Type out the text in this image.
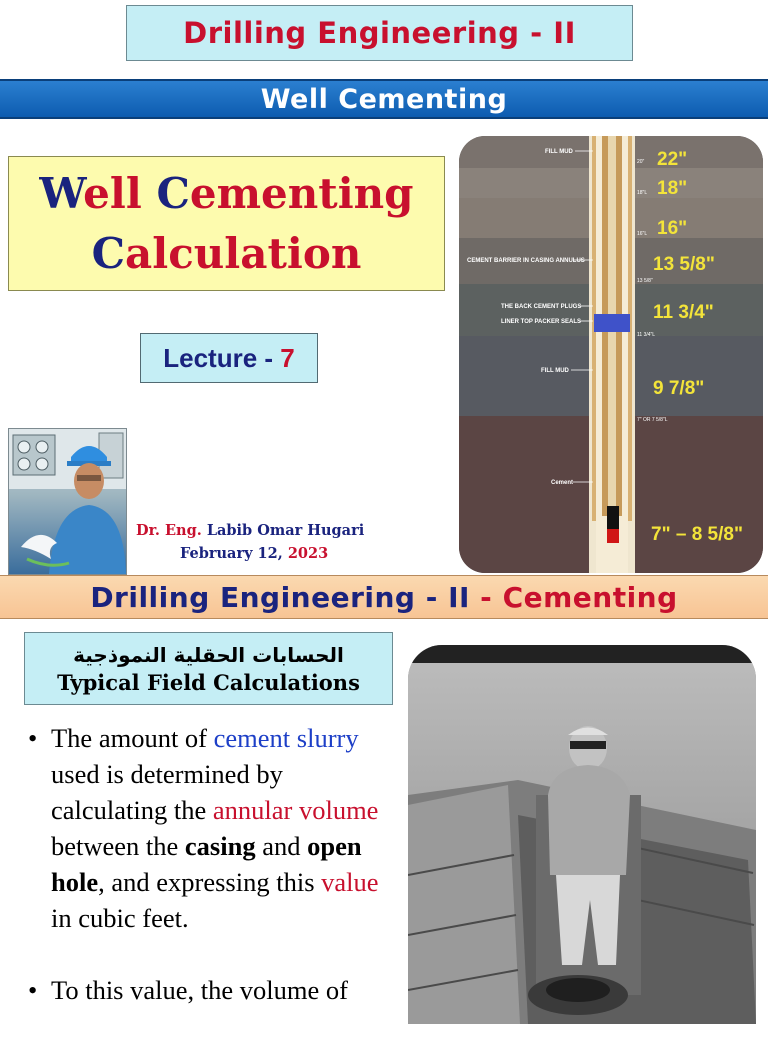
Drilling Engineering - II
Well Cementing
Well Cementing
Calculation
Lecture - 7
Dr. Eng. Labib Omar Hugari
February 12, 2023
FILL MUD
CEMENT BARRIER IN CASING ANNULUS
THE BACK CEMENT PLUGS
LINER TOP PACKER SEALS
FILL MUD
Cement
20"
18"L
16"L
13 5/8"
11 3/4"L
7" OR 7 5/8"L
22"
18"
16"
13 5/8"
11 3/4"
9 7/8"
7" – 8 5/8"
Drilling Engineering - II - Cementing
الحسابات الحقلية النموذجية
Typical Field Calculations
• The amount of cement slurry used is determined by calculating the annular volume between the casing and open hole, and expressing this value in cubic feet.
• To this value, the volume of
